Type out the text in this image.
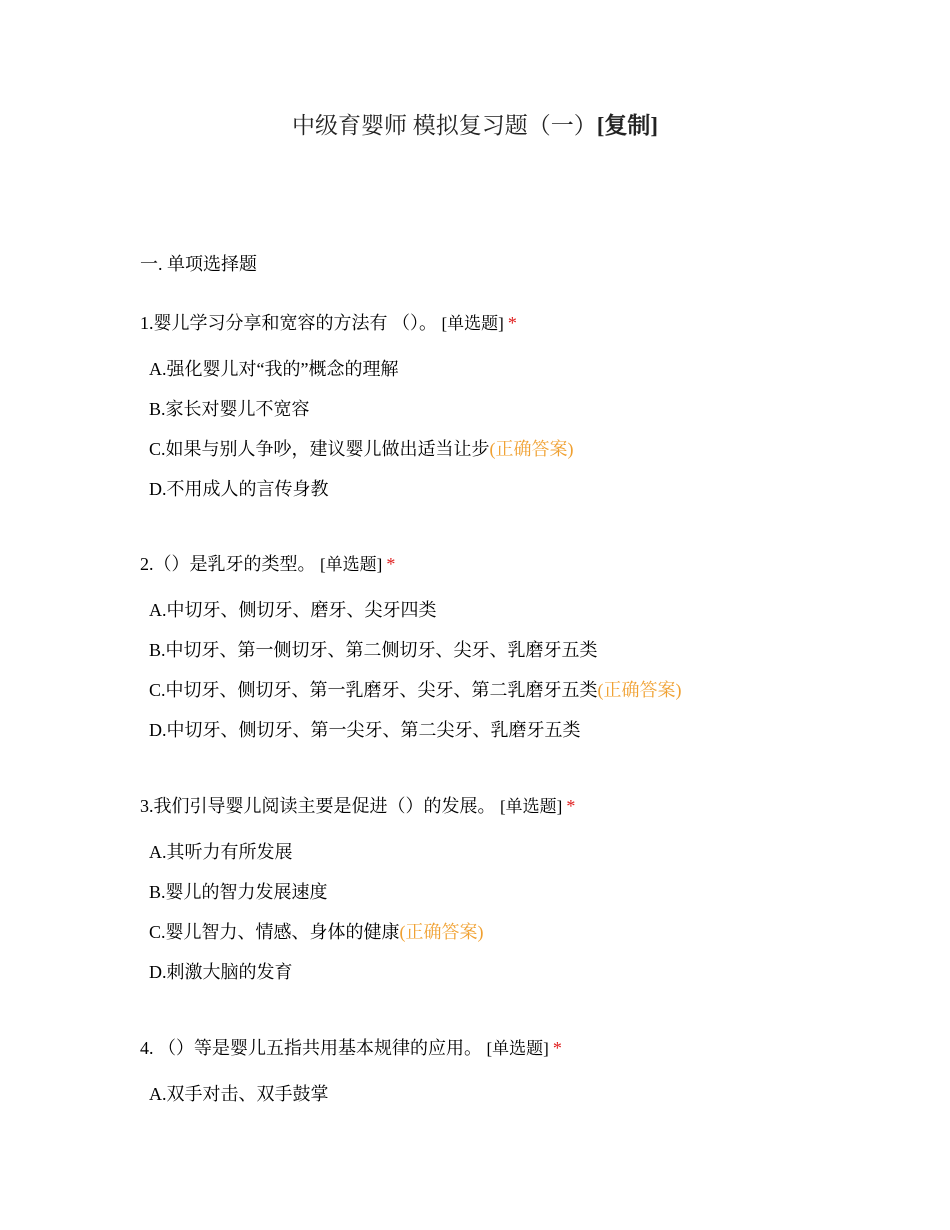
中级育婴师 模拟复习题（一）[复制]
一. 单项选择题
1.婴儿学习分享和宽容的方法有 （）。 [单选题] *
A.强化婴儿对“我的”概念的理解
B.家长对婴儿不宽容
C.如果与别人争吵，建议婴儿做出适当让步(正确答案)
D.不用成人的言传身教
2.（）是乳牙的类型。 [单选题] *
A.中切牙、侧切牙、磨牙、尖牙四类
B.中切牙、第一侧切牙、第二侧切牙、尖牙、乳磨牙五类
C.中切牙、侧切牙、第一乳磨牙、尖牙、第二乳磨牙五类(正确答案)
D.中切牙、侧切牙、第一尖牙、第二尖牙、乳磨牙五类
3.我们引导婴儿阅读主要是促进（）的发展。 [单选题] *
A.其听力有所发展
B.婴儿的智力发展速度
C.婴儿智力、情感、身体的健康(正确答案)
D.刺激大脑的发育
4. （）等是婴儿五指共用基本规律的应用。 [单选题] *
A.双手对击、双手鼓掌
